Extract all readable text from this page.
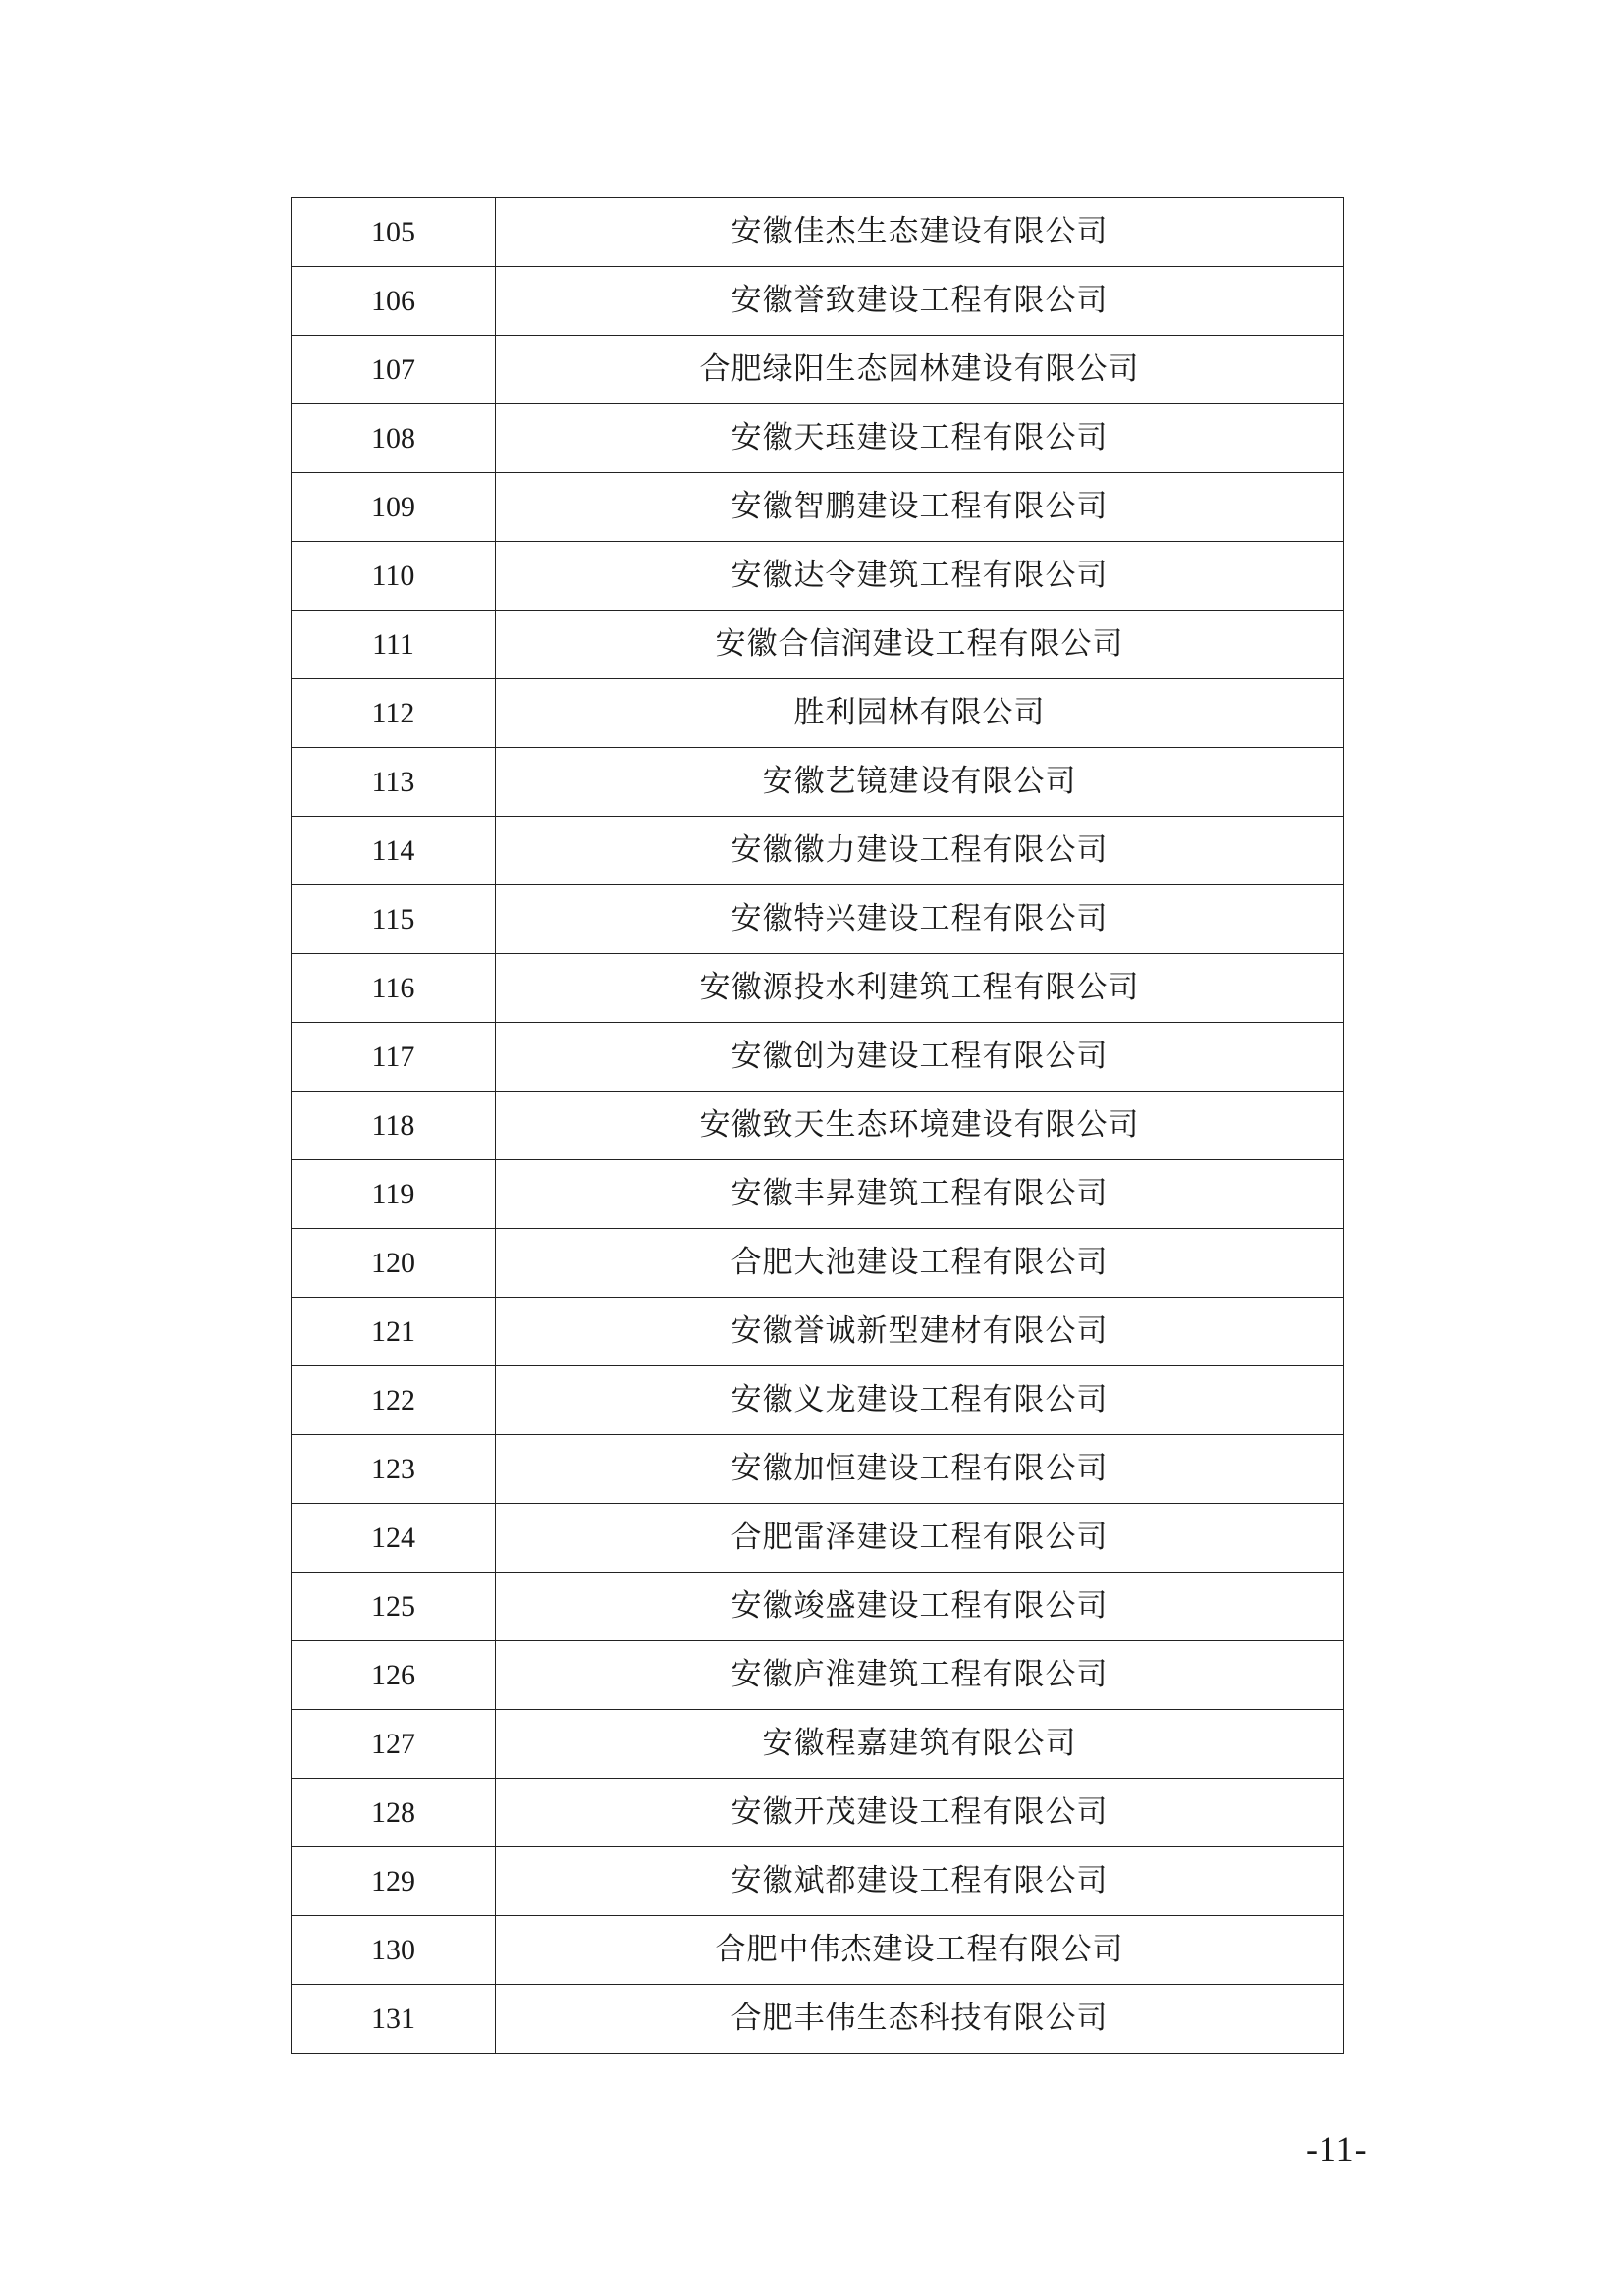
105	安徽佳杰生态建设有限公司
106	安徽誉致建设工程有限公司
107	合肥绿阳生态园林建设有限公司
108	安徽天珏建设工程有限公司
109	安徽智鹏建设工程有限公司
110	安徽达令建筑工程有限公司
111	安徽合信润建设工程有限公司
112	胜利园林有限公司
113	安徽艺镜建设有限公司
114	安徽徽力建设工程有限公司
115	安徽特兴建设工程有限公司
116	安徽源投水利建筑工程有限公司
117	安徽创为建设工程有限公司
118	安徽致天生态环境建设有限公司
119	安徽丰昇建筑工程有限公司
120	合肥大池建设工程有限公司
121	安徽誉诚新型建材有限公司
122	安徽义龙建设工程有限公司
123	安徽加恒建设工程有限公司
124	合肥雷泽建设工程有限公司
125	安徽竣盛建设工程有限公司
126	安徽庐淮建筑工程有限公司
127	安徽程嘉建筑有限公司
128	安徽开茂建设工程有限公司
129	安徽斌都建设工程有限公司
130	合肥中伟杰建设工程有限公司
131	合肥丰伟生态科技有限公司
-11-
